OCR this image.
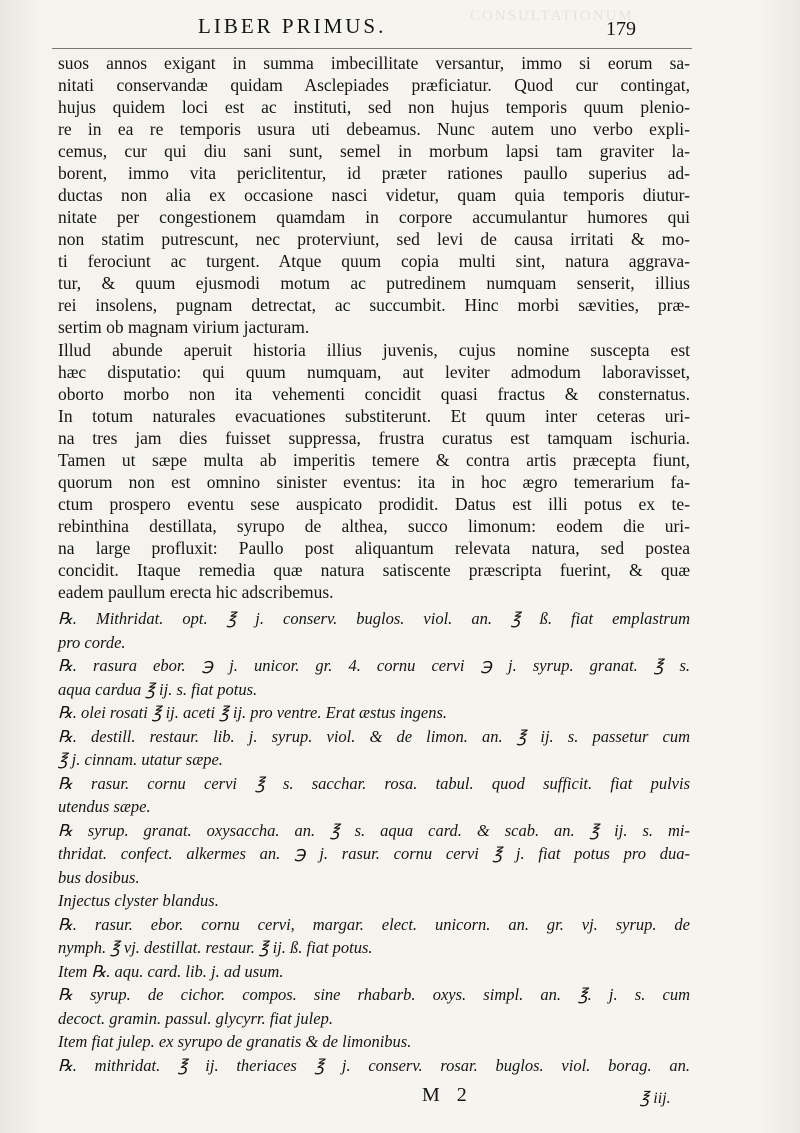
CONSULTATIONUM
LIBER PRIMUS.	179
suos annos exigant in summa imbecillitate versantur, immo si eorum sa-
nitati conservandæ quidam Asclepiades præficiatur. Quod cur contingat,
hujus quidem loci est ac instituti, sed non hujus temporis quum plenio-
re in ea re temporis usura uti debeamus. Nunc autem uno verbo expli-
cemus, cur qui diu sani sunt, semel in morbum lapsi tam graviter la-
borent, immo vita periclitentur, id præter rationes paullo superius ad-
ductas non alia ex occasione nasci videtur, quam quia temporis diutur-
nitate per congestionem quamdam in corpore accumulantur humores qui
non statim putrescunt, nec proterviunt, sed levi de causa irritati & mo-
ti ferociunt ac turgent. Atque quum copia multi sint, natura aggrava-
tur, & quum ejusmodi motum ac putredinem numquam senserit, illius
rei insolens, pugnam detrectat, ac succumbit. Hinc morbi sævities, præ-
sertim ob magnam virium jacturam.
Illud abunde aperuit historia illius juvenis, cujus nomine suscepta est
hæc disputatio: qui quum numquam, aut leviter admodum laboravisset,
oborto morbo non ita vehementi concidit quasi fractus & consternatus.
In totum naturales evacuationes substiterunt. Et quum inter ceteras uri-
na tres jam dies fuisset suppressa, frustra curatus est tamquam ischuria.
Tamen ut sæpe multa ab imperitis temere & contra artis præcepta fiunt,
quorum non est omnino sinister eventus: ita in hoc ægro temerarium fa-
ctum prospero eventu sese auspicato prodidit. Datus est illi potus ex te-
rebinthina destillata, syrupo de althea, succo limonum: eodem die uri-
na large profluxit: Paullo post aliquantum relevata natura, sed postea
concidit. Itaque remedia quæ natura satiscente præscripta fuerint, & quæ
eadem paullum erecta hic adscribemus.
℞. Mithridat. opt. ℥ j. conserv. buglos. viol. an. ℥ ß. fiat emplastrum
pro corde.
℞. rasura ebor. ℈ j. unicor. gr. 4. cornu cervi ℈ j. syrup. granat. ℥ s.
aqua cardua ℥ ij. s. fiat potus.
℞. olei rosati ℥ ij. aceti ℥ ij. pro ventre. Erat æstus ingens.
℞. destill. restaur. lib. j. syrup. viol. & de limon. an. ℥ ij. s. passetur cum
℥ j. cinnam. utatur sæpe.
℞ rasur. cornu cervi ℥ s. sacchar. rosa. tabul. quod sufficit. fiat pulvis
utendus sæpe.
℞ syrup. granat. oxysaccha. an. ℥ s. aqua card. & scab. an. ℥ ij. s. mi-
thridat. confect. alkermes an. ℈ j. rasur. cornu cervi ℥ j. fiat potus pro dua-
bus dosibus.
Injectus clyster blandus.
℞. rasur. ebor. cornu cervi, margar. elect. unicorn. an. gr. vj. syrup. de
nymph. ℥ vj. destillat. restaur. ℥ ij. ß. fiat potus.
Item ℞. aqu. card. lib. j. ad usum.
℞ syrup. de cichor. compos. sine rhabarb. oxys. simpl. an. ℥. j. s. cum
decoct. gramin. passul. glycyrr. fiat julep.
Item fiat julep. ex syrupo de granatis & de limonibus.
℞. mithridat. ℥ ij. theriaces ℥ j. conserv. rosar. buglos. viol. borag. an.
M 2	℥ iij.
